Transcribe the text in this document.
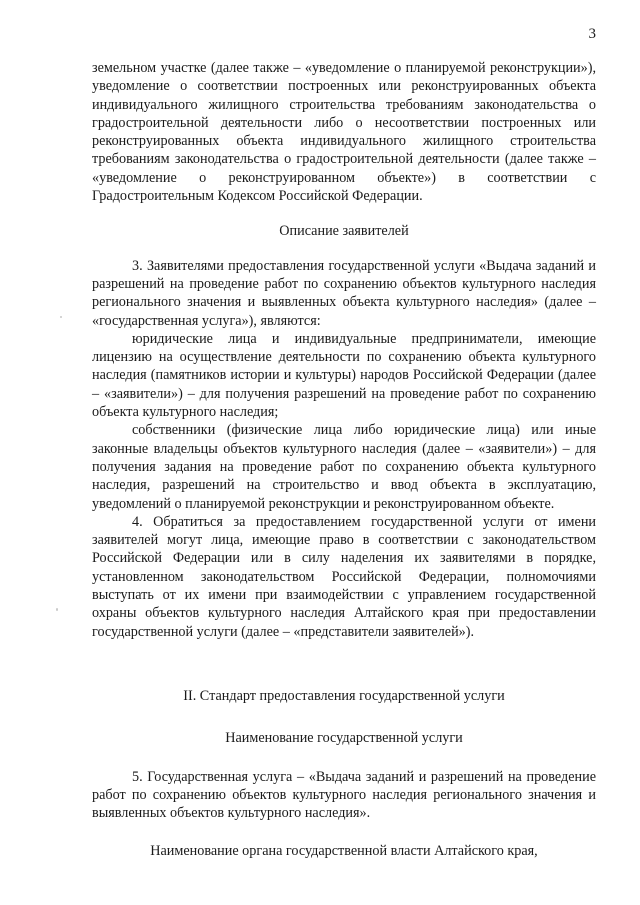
3

земельном участке (далее также – «уведомление о планируемой реконструкции»), уведомление о соответствии построенных или реконструированных объекта индивидуального жилищного строительства требованиям законодательства о градостроительной деятельности либо о несоответствии построенных или реконструированных объекта индивидуального жилищного строительства требованиям законодательства о градостроительной деятельности (далее также – «уведомление о реконструированном объекте») в соответствии с Градостроительным Кодексом Российской Федерации.

Описание заявителей

3. Заявителями предоставления государственной услуги «Выдача заданий и разрешений на проведение работ по сохранению объектов культурного наследия регионального значения и выявленных объекта культурного наследия» (далее – «государственная услуга»), являются:

юридические лица и индивидуальные предприниматели, имеющие лицензию на осуществление деятельности по сохранению объекта культурного наследия (памятников истории и культуры) народов Российской Федерации (далее – «заявители») – для получения разрешений на проведение работ по сохранению объекта культурного наследия;

собственники (физические лица либо юридические лица) или иные законные владельцы объектов культурного наследия (далее – «заявители») – для получения задания на проведение работ по сохранению объекта культурного наследия, разрешений на строительство и ввод объекта в эксплуатацию, уведомлений о планируемой реконструкции и реконструированном объекте.

4. Обратиться за предоставлением государственной услуги от имени заявителей могут лица, имеющие право в соответствии с законодательством Российской Федерации или в силу наделения их заявителями в порядке, установленном законодательством Российской Федерации, полномочиями выступать от их имени при взаимодействии с управлением государственной охраны объектов культурного наследия Алтайского края при предоставлении государственной услуги (далее – «представители заявителей»).

II. Стандарт предоставления государственной услуги
Наименование государственной услуги

5. Государственная услуга – «Выдача заданий и разрешений на проведение работ по сохранению объектов культурного наследия регионального значения и выявленных объектов культурного наследия».

Наименование органа государственной власти Алтайского края,
